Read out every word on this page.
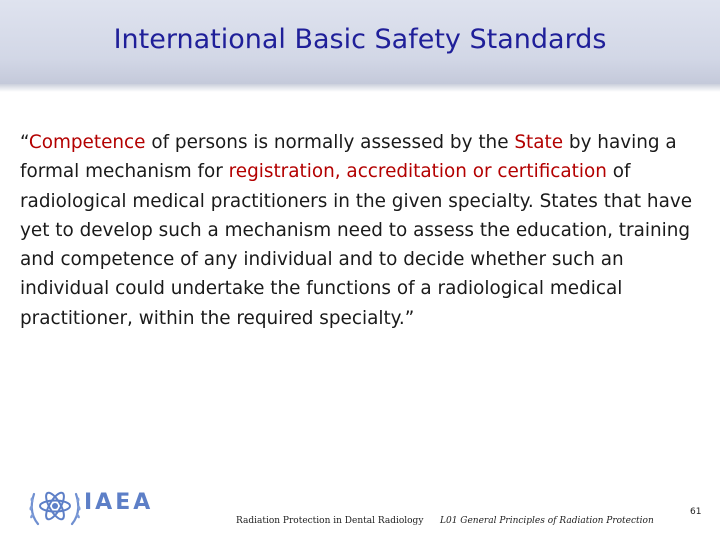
International Basic Safety Standards

“Competence of persons is normally assessed by the State by having a formal mechanism for registration, accreditation or certification of radiological medical practitioners in the given specialty. States that have yet to develop such a mechanism need to assess the education, training and competence of any individual and to decide whether such an individual could undertake the functions of a radiological medical practitioner, within the required specialty.”

IAEA
Radiation Protection in Dental Radiology L01 General Principles of Radiation Protection
61
